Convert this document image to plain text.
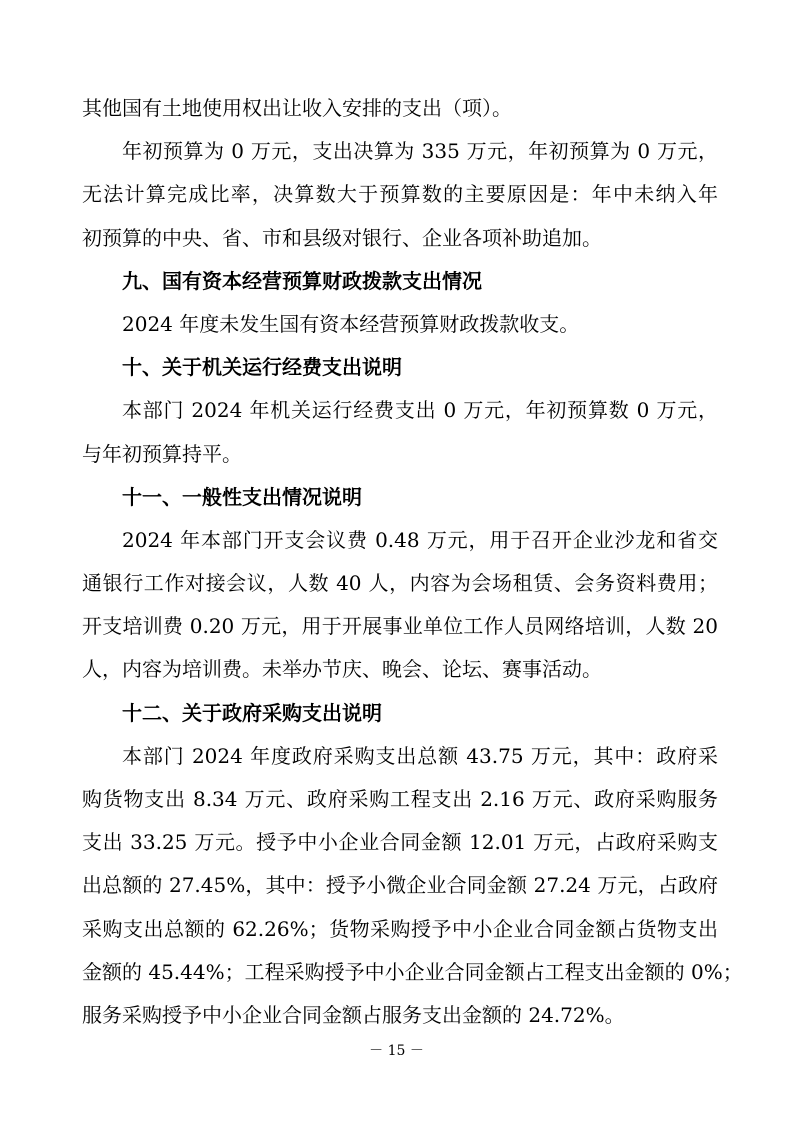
其他国有土地使用权出让收入安排的支出（项）。
年初预算为 0 万元，支出决算为 335 万元，年初预算为 0 万元，
无法计算完成比率，决算数大于预算数的主要原因是：年中未纳入年
初预算的中央、省、市和县级对银行、企业各项补助追加。
九、国有资本经营预算财政拨款支出情况
2024 年度未发生国有资本经营预算财政拨款收支。
十、关于机关运行经费支出说明
本部门 2024 年机关运行经费支出 0 万元，年初预算数 0 万元，
与年初预算持平。
十一、一般性支出情况说明
2024 年本部门开支会议费 0.48 万元，用于召开企业沙龙和省交
通银行工作对接会议，人数 40 人，内容为会场租赁、会务资料费用；
开支培训费 0.20 万元，用于开展事业单位工作人员网络培训，人数 20
人，内容为培训费。未举办节庆、晚会、论坛、赛事活动。
十二、关于政府采购支出说明
本部门 2024 年度政府采购支出总额 43.75 万元，其中：政府采
购货物支出 8.34 万元、政府采购工程支出 2.16 万元、政府采购服务
支出 33.25 万元。授予中小企业合同金额 12.01 万元，占政府采购支
出总额的 27.45%，其中：授予小微企业合同金额 27.24 万元，占政府
采购支出总额的 62.26%；货物采购授予中小企业合同金额占货物支出
金额的 45.44%；工程采购授予中小企业合同金额占工程支出金额的 0%；
服务采购授予中小企业合同金额占服务支出金额的 24.72%。
－ 15 －
